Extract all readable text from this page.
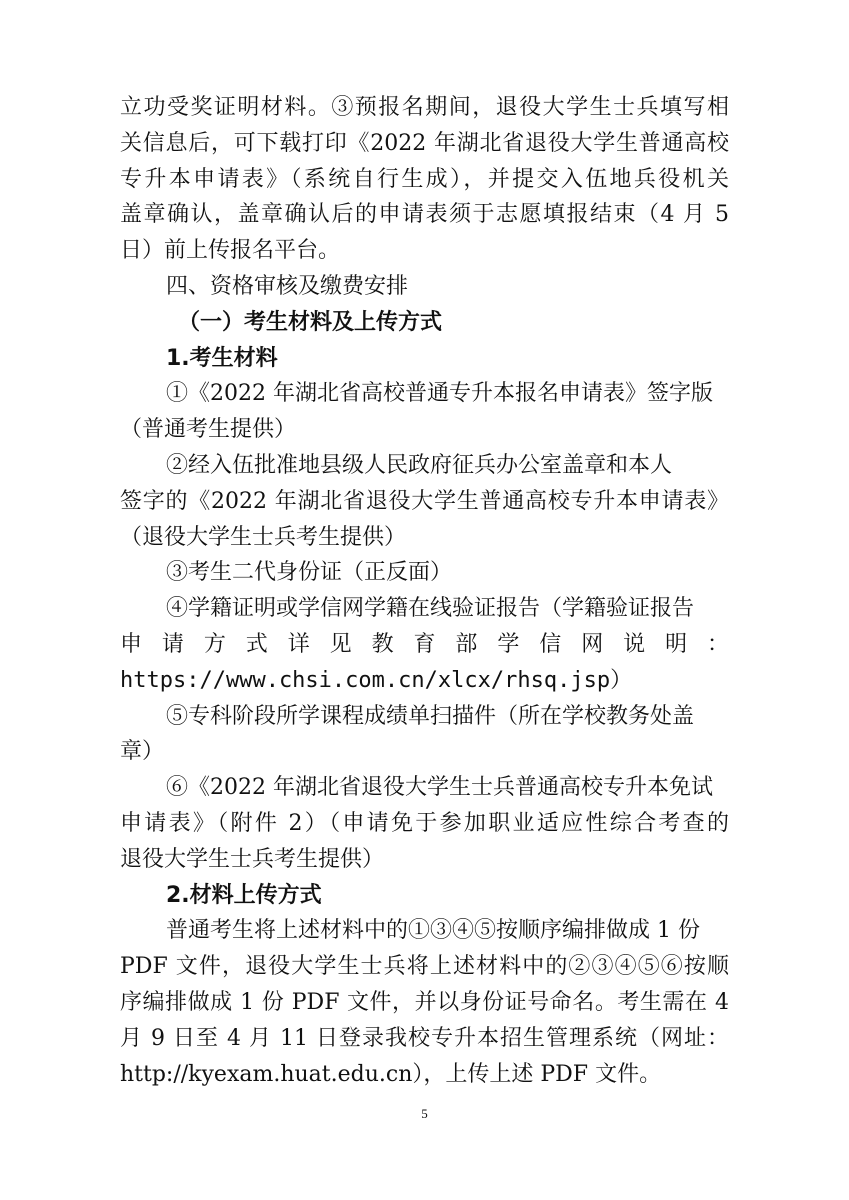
立功受奖证明材料。③预报名期间，退役大学生士兵填写相
关信息后，可下载打印《2022 年湖北省退役大学生普通高校
专升本申请表》（系统自行生成），并提交入伍地兵役机关
盖章确认，盖章确认后的申请表须于志愿填报结束（4 月 5
日）前上传报名平台。
四、资格审核及缴费安排
（一）考生材料及上传方式
1.考生材料
①《2022 年湖北省高校普通专升本报名申请表》签字版
（普通考生提供）
②经入伍批准地县级人民政府征兵办公室盖章和本人
签字的《2022 年湖北省退役大学生普通高校专升本申请表》
（退役大学生士兵考生提供）
③考生二代身份证（正反面）
④学籍证明或学信网学籍在线验证报告（学籍验证报告
申 请 方 式 详 见 教 育 部 学 信 网 说 明 ：
https://www.chsi.com.cn/xlcx/rhsq.jsp）
⑤专科阶段所学课程成绩单扫描件（所在学校教务处盖
章）
⑥《2022 年湖北省退役大学生士兵普通高校专升本免试
申请表》（附件 2）（申请免于参加职业适应性综合考查的
退役大学生士兵考生提供）
2.材料上传方式
普通考生将上述材料中的①③④⑤按顺序编排做成 1 份
PDF 文件，退役大学生士兵将上述材料中的②③④⑤⑥按顺
序编排做成 1 份 PDF 文件，并以身份证号命名。考生需在 4
月 9 日至 4 月 11 日登录我校专升本招生管理系统（网址：
http://kyexam.huat.edu.cn），上传上述 PDF 文件。
5
